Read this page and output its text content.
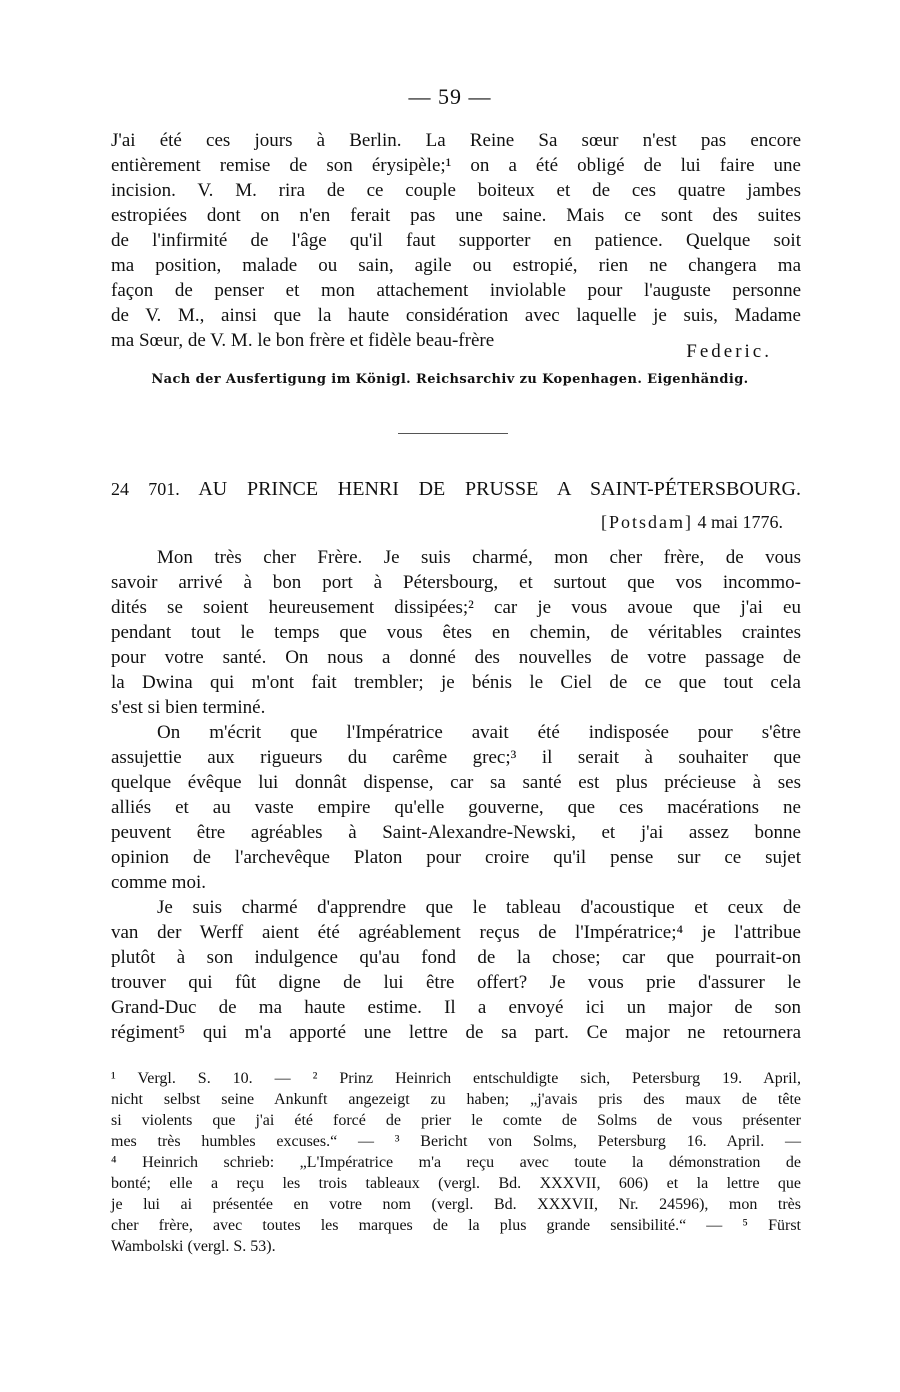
— 59 —
J'ai été ces jours à Berlin. La Reine Sa sœur n'est pas encore
entièrement remise de son érysipèle;¹ on a été obligé de lui faire une
incision. V. M. rira de ce couple boiteux et de ces quatre jambes
estropiées dont on n'en ferait pas une saine. Mais ce sont des suites
de l'infirmité de l'âge qu'il faut supporter en patience. Quelque soit
ma position, malade ou sain, agile ou estropié, rien ne changera ma
façon de penser et mon attachement inviolable pour l'auguste personne
de V. M., ainsi que la haute considération avec laquelle je suis, Madame
ma Sœur, de V. M. le bon frère et fidèle beau-frère
Federic.
Nach der Ausfertigung im Königl. Reichsarchiv zu Kopenhagen. Eigenhändig.
24 701. AU PRINCE HENRI DE PRUSSE A SAINT-PÉTERSBOURG.
[Potsdam] 4 mai 1776.
Mon très cher Frère. Je suis charmé, mon cher frère, de vous
savoir arrivé à bon port à Pétersbourg, et surtout que vos incommo-
dités se soient heureusement dissipées;² car je vous avoue que j'ai eu
pendant tout le temps que vous êtes en chemin, de véritables craintes
pour votre santé. On nous a donné des nouvelles de votre passage de
la Dwina qui m'ont fait trembler; je bénis le Ciel de ce que tout cela
s'est si bien terminé.
On m'écrit que l'Impératrice avait été indisposée pour s'être
assujettie aux rigueurs du carême grec;³ il serait à souhaiter que
quelque évêque lui donnât dispense, car sa santé est plus précieuse à ses
alliés et au vaste empire qu'elle gouverne, que ces macérations ne
peuvent être agréables à Saint-Alexandre-Newski, et j'ai assez bonne
opinion de l'archevêque Platon pour croire qu'il pense sur ce sujet
comme moi.
Je suis charmé d'apprendre que le tableau d'acoustique et ceux de
van der Werff aient été agréablement reçus de l'Impératrice;⁴ je l'attribue
plutôt à son indulgence qu'au fond de la chose; car que pourrait-on
trouver qui fût digne de lui être offert? Je vous prie d'assurer le
Grand-Duc de ma haute estime. Il a envoyé ici un major de son
régiment⁵ qui m'a apporté une lettre de sa part. Ce major ne retournera
¹ Vergl. S. 10. — ² Prinz Heinrich entschuldigte sich, Petersburg 19. April,
nicht selbst seine Ankunft angezeigt zu haben; „j'avais pris des maux de tête
si violents que j'ai été forcé de prier le comte de Solms de vous présenter
mes très humbles excuses.“ — ³ Bericht von Solms, Petersburg 16. April. —
⁴ Heinrich schrieb: „L'Impératrice m'a reçu avec toute la démonstration de
bonté; elle a reçu les trois tableaux (vergl. Bd. XXXVII, 606) et la lettre que
je lui ai présentée en votre nom (vergl. Bd. XXXVII, Nr. 24596), mon très
cher frère, avec toutes les marques de la plus grande sensibilité.“ — ⁵ Fürst
Wambolski (vergl. S. 53).
